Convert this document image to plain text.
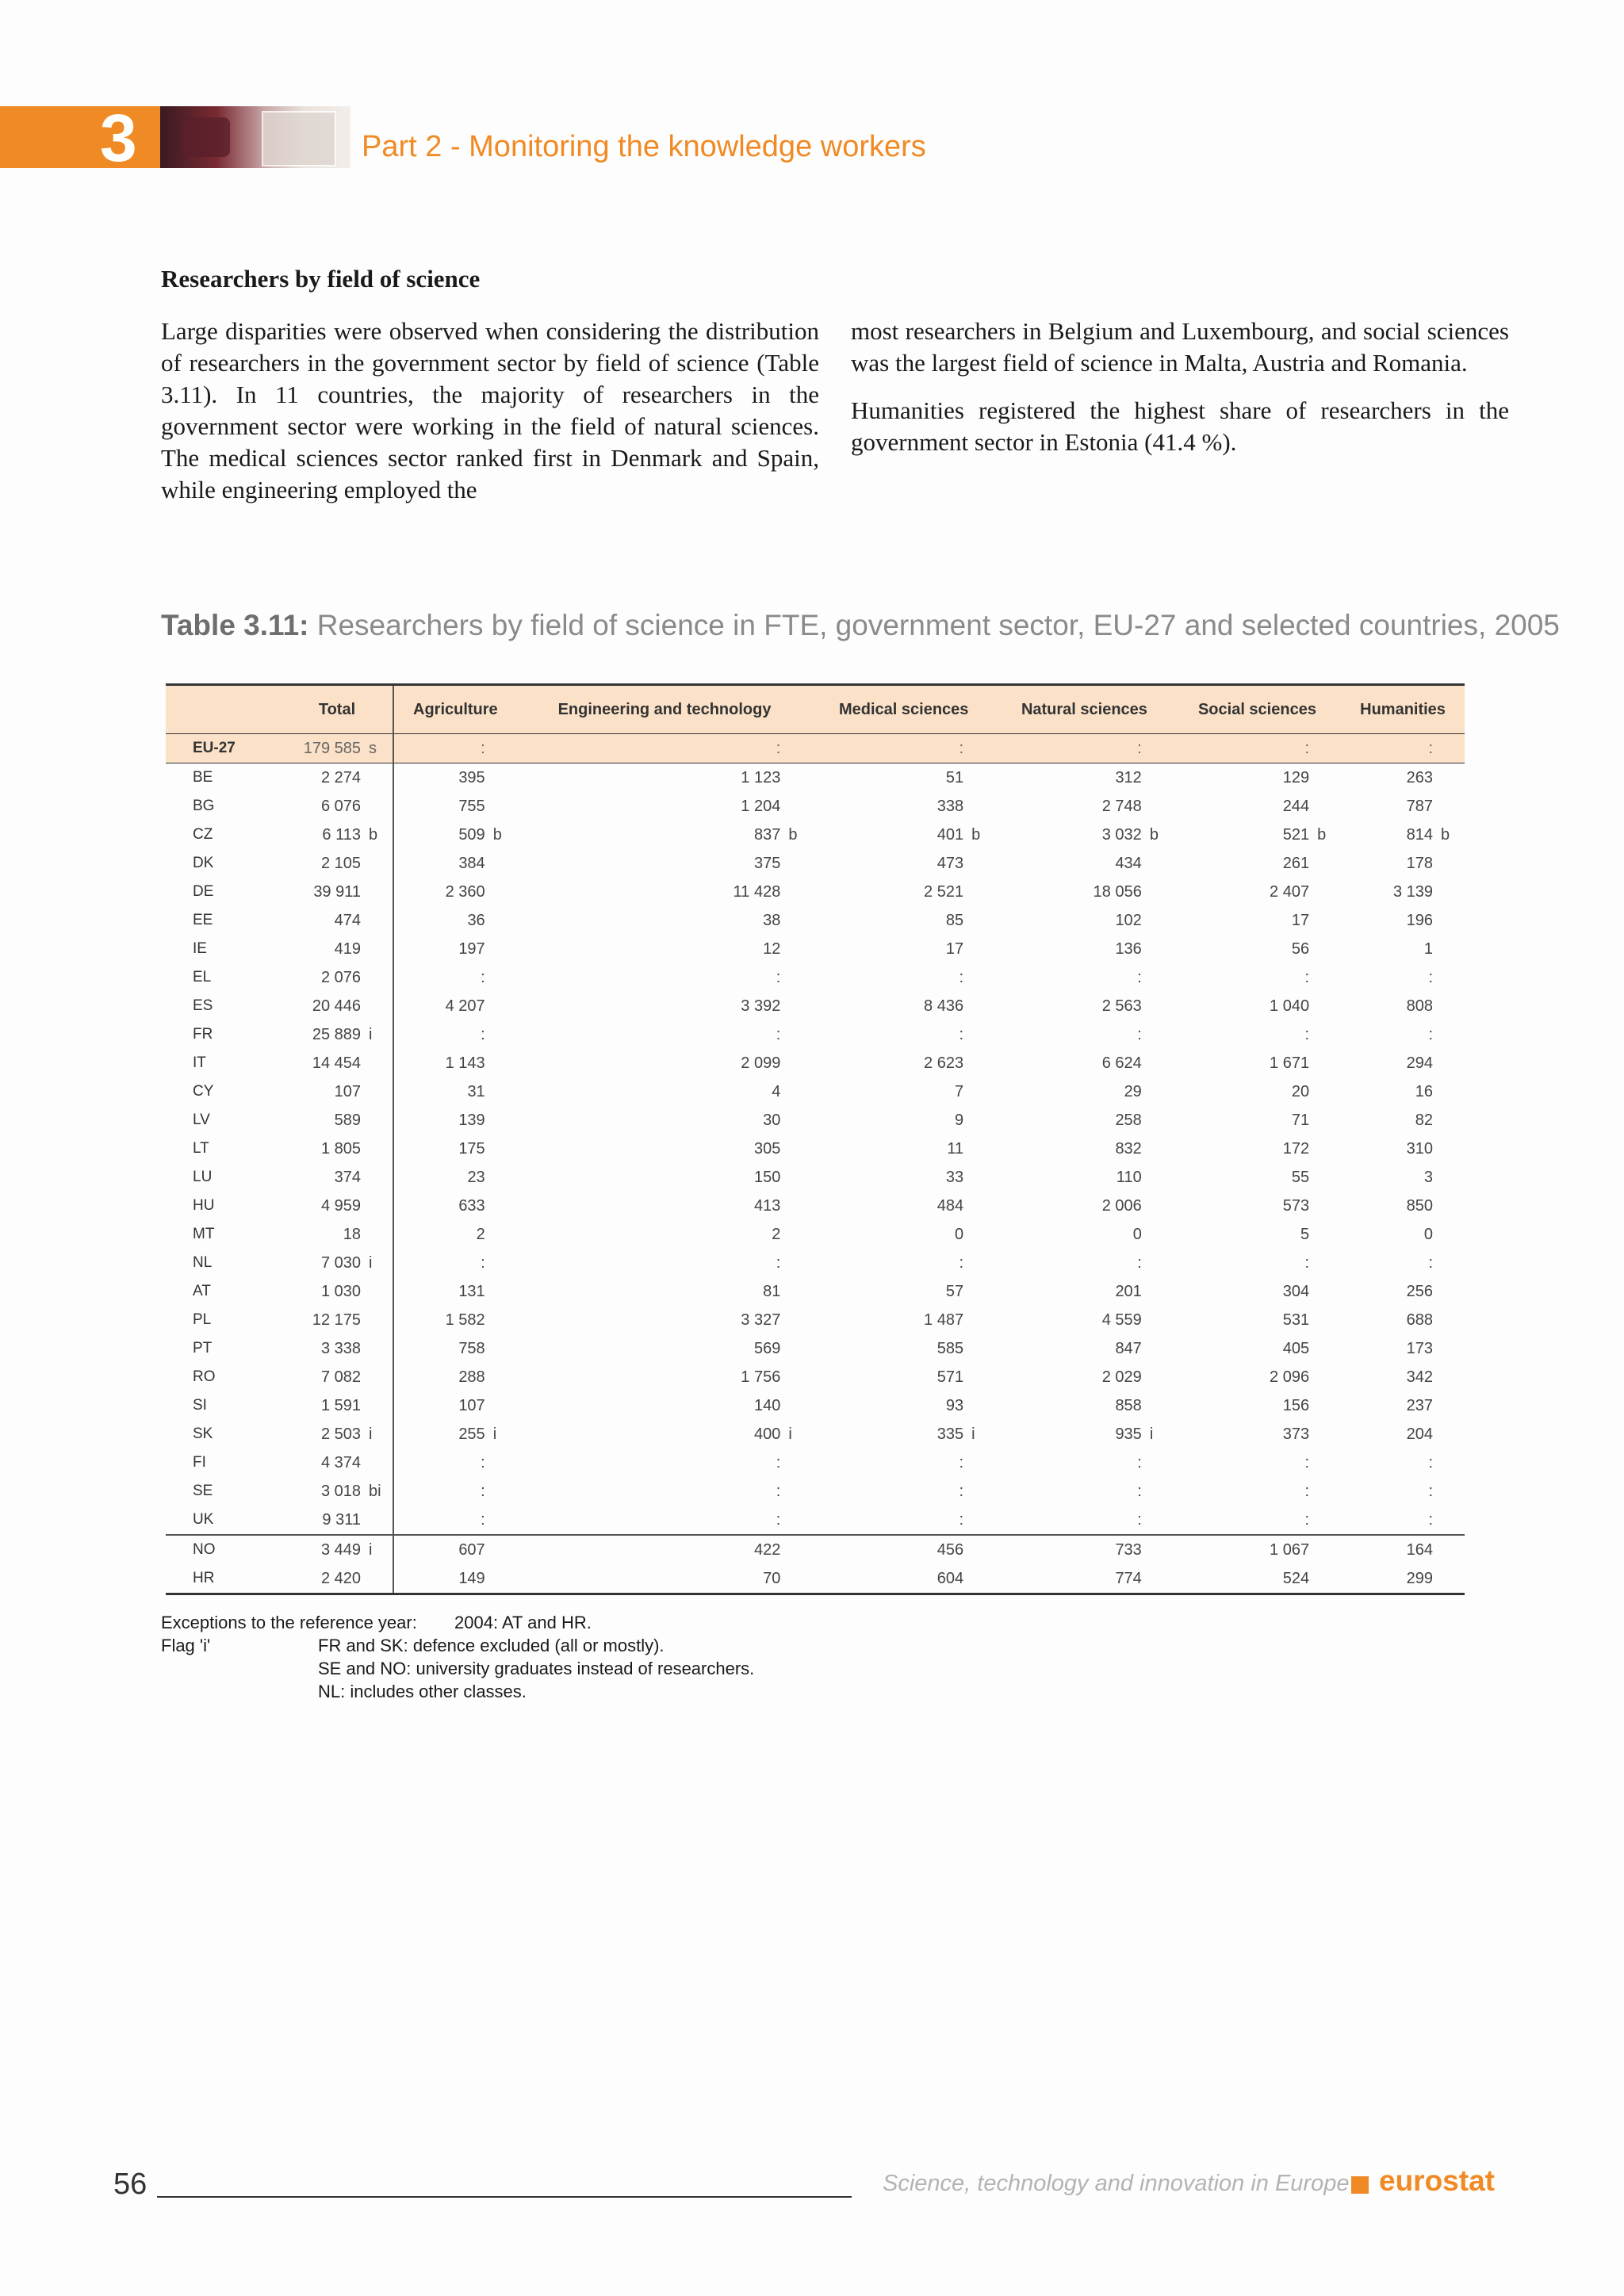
3	Part 2 - Monitoring the knowledge workers
Researchers by field of science

Large disparities were observed when considering the distribution of researchers in the government sector by field of science (Table 3.11). In 11 countries, the majority of researchers in the government sector were working in the field of natural sciences. The medical sciences sector ranked first in Denmark and Spain, while engineering employed the

most researchers in Belgium and Luxembourg, and social sciences was the largest field of science in Malta, Austria and Romania.

Humanities registered the highest share of researchers in the government sector in Estonia (41.4 %).

Table 3.11: Researchers by field of science in FTE, government sector, EU-27 and selected countries, 2005
	Total	Agriculture	Engineering and technology	Medical sciences	Natural sciences	Social sciences	Humanities
EU-27	179 585 s	:	:	:	:	:	:
BE	2 274	395	1 123	51	312	129	263
BG	6 076	755	1 204	338	2 748	244	787
CZ	6 113 b	509 b	837 b	401 b	3 032 b	521 b	814 b
DK	2 105	384	375	473	434	261	178
DE	39 911	2 360	11 428	2 521	18 056	2 407	3 139
EE	474	36	38	85	102	17	196
IE	419	197	12	17	136	56	1
EL	2 076	:	:	:	:	:	:
ES	20 446	4 207	3 392	8 436	2 563	1 040	808
FR	25 889 i	:	:	:	:	:	:
IT	14 454	1 143	2 099	2 623	6 624	1 671	294
CY	107	31	4	7	29	20	16
LV	589	139	30	9	258	71	82
LT	1 805	175	305	11	832	172	310
LU	374	23	150	33	110	55	3
HU	4 959	633	413	484	2 006	573	850
MT	18	2	2	0	0	5	0
NL	7 030 i	:	:	:	:	:	:
AT	1 030	131	81	57	201	304	256
PL	12 175	1 582	3 327	1 487	4 559	531	688
PT	3 338	758	569	585	847	405	173
RO	7 082	288	1 756	571	2 029	2 096	342
SI	1 591	107	140	93	858	156	237
SK	2 503 i	255 i	400 i	335 i	935 i	373	204
FI	4 374	:	:	:	:	:	:
SE	3 018 bi	:	:	:	:	:	:
UK	9 311	:	:	:	:	:	:
NO	3 449 i	607	422	456	733	1 067	164
HR	2 420	149	70	604	774	524	299
Exceptions to the reference year: 2004: AT and HR.
Flag 'i'	FR and SK: defence excluded (all or mostly).
SE and NO: university graduates instead of researchers.
NL: includes other classes.
56	Science, technology and innovation in Europe eurostat
